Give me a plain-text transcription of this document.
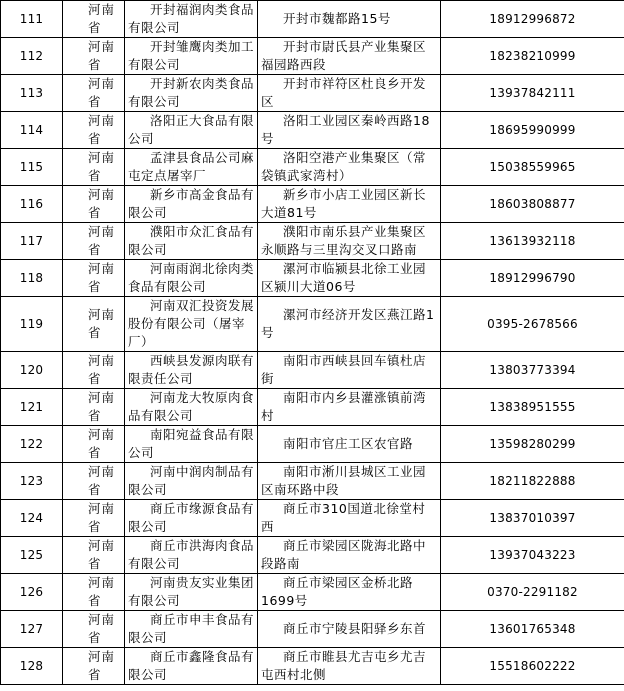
111	河南省	开封福润肉类食品有限公司	开封市魏都路15号	18912996872
112	河南省	开封雏鹰肉类加工有限公司	开封市尉氏县产业集聚区福园路西段	18238210999
113	河南省	开封新农肉类食品有限公司	开封市祥符区杜良乡开发区	13937842111
114	河南省	洛阳正大食品有限公司	洛阳工业园区秦岭西路18号	18695990999
115	河南省	孟津县食品公司麻屯定点屠宰厂	洛阳空港产业集聚区（常袋镇武家湾村）	15038559965
116	河南省	新乡市高金食品有限公司	新乡市小店工业园区新长大道81号	18603808877
117	河南省	濮阳市众汇食品有限公司	濮阳市南乐县产业集聚区永顺路与三里沟交叉口路南	13613932118
118	河南省	河南雨润北徐肉类食品有限公司	漯河市临颍县北徐工业园区颍川大道06号	18912996790
119	河南省	河南双汇投资发展股份有限公司（屠宰厂）	漯河市经济开发区燕江路1号	0395-2678566
120	河南省	西峡县发源肉联有限责任公司	南阳市西峡县回车镇杜店街	13803773394
121	河南省	河南龙大牧原肉食品有限公司	南阳市内乡县灌涨镇前湾村	13838951555
122	河南省	南阳宛益食品有限公司	南阳市官庄工区农官路	13598280299
123	河南省	河南中润肉制品有限公司	南阳市淅川县城区工业园区南环路中段	18211822888
124	河南省	商丘市缘源食品有限公司	商丘市310国道北徐堂村西	13837010397
125	河南省	商丘市洪海肉食品有限公司	商丘市梁园区陇海北路中段路南	13937043223
126	河南省	河南贵友实业集团有限公司	商丘市梁园区金桥北路1699号	0370-2291182
127	河南省	商丘市申丰食品有限公司	商丘市宁陵县阳驿乡东首	13601765348
128	河南省	商丘市鑫隆食品有限公司	商丘市睢县尤吉屯乡尤吉屯西村北侧	15518602222
